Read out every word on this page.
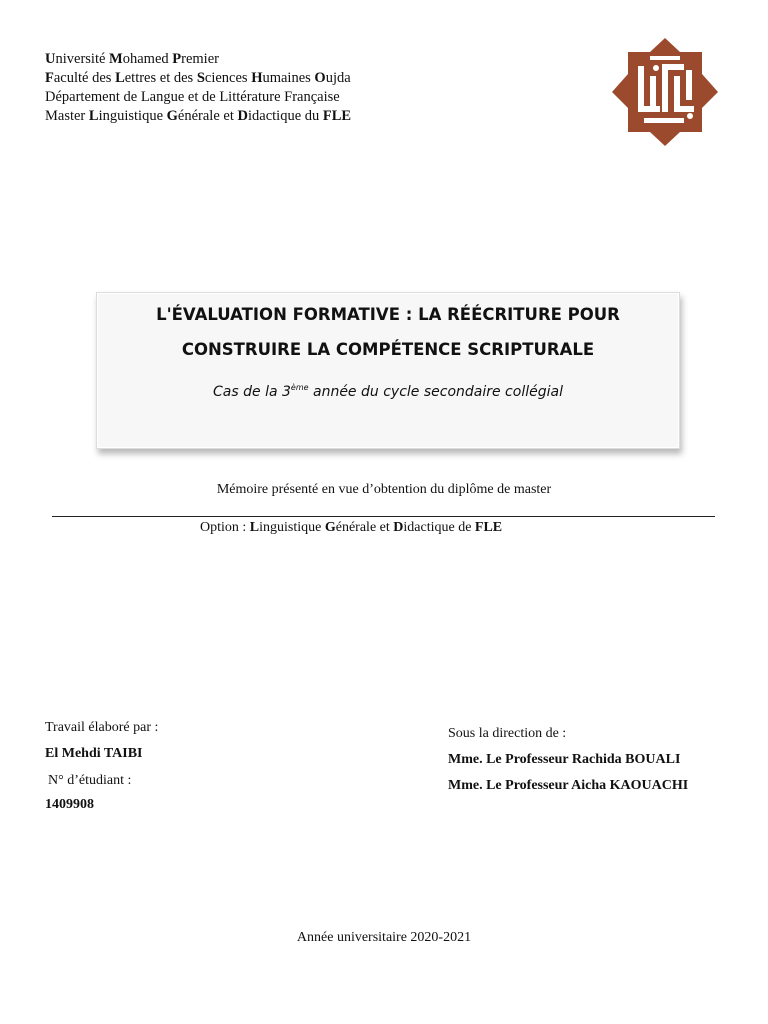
Université Mohamed Premier
Faculté des Lettres et des Sciences Humaines Oujda
Département de Langue et de Littérature Française
Master Linguistique Générale et Didactique du FLE
L'ÉVALUATION FORMATIVE : LA RÉÉCRITURE POUR
CONSTRUIRE LA COMPÉTENCE SCRIPTURALE
Cas de la 3ème année du cycle secondaire collégial
Mémoire présenté en vue d’obtention du diplôme de master
Option : Linguistique Générale et Didactique de FLE
Travail élaboré par :
El Mehdi TAIBI
N° d’étudiant :
1409908
Sous la direction de :
Mme. Le Professeur Rachida BOUALI
Mme. Le Professeur Aicha KAOUACHI
Année universitaire 2020-2021
